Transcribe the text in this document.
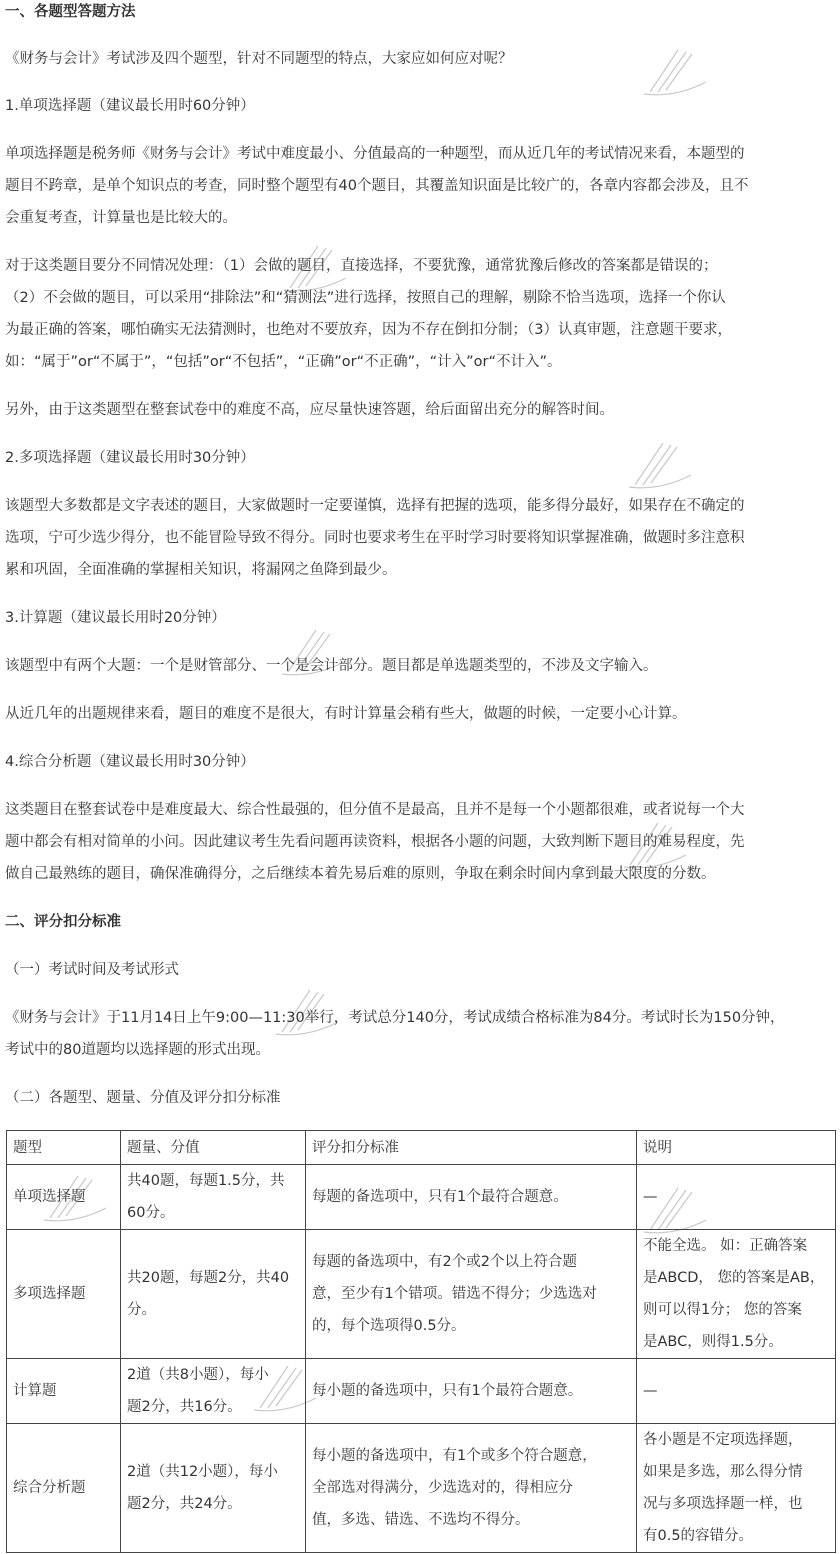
一、各题型答题方法

《财务与会计》考试涉及四个题型，针对不同题型的特点，大家应如何应对呢？

1.单项选择题（建议最长用时60分钟）

单项选择题是税务师《财务与会计》考试中难度最小、分值最高的一种题型，而从近几年的考试情况来看，本题型的

题目不跨章，是单个知识点的考查，同时整个题型有40个题目，其覆盖知识面是比较广的，各章内容都会涉及，且不

会重复考查，计算量也是比较大的。

对于这类题目要分不同情况处理：（1）会做的题目，直接选择，不要犹豫，通常犹豫后修改的答案都是错误的；

（2）不会做的题目，可以采用“排除法”和“猜测法”进行选择，按照自己的理解，剔除不恰当选项，选择一个你认

为最正确的答案，哪怕确实无法猜测时，也绝对不要放弃，因为不存在倒扣分制；（3）认真审题，注意题干要求，

如：“属于”or“不属于”，“包括”or“不包括”，“正确”or“不正确”，“计入”or“不计入”。

另外，由于这类题型在整套试卷中的难度不高，应尽量快速答题，给后面留出充分的解答时间。

2.多项选择题（建议最长用时30分钟）

该题型大多数都是文字表述的题目，大家做题时一定要谨慎，选择有把握的选项，能多得分最好，如果存在不确定的

选项，宁可少选少得分，也不能冒险导致不得分。同时也要求考生在平时学习时要将知识掌握准确，做题时多注意积

累和巩固，全面准确的掌握相关知识，将漏网之鱼降到最少。

3.计算题（建议最长用时20分钟）

该题型中有两个大题：一个是财管部分、一个是会计部分。题目都是单选题类型的，不涉及文字输入。

从近几年的出题规律来看，题目的难度不是很大，有时计算量会稍有些大，做题的时候，一定要小心计算。

4.综合分析题（建议最长用时30分钟）

这类题目在整套试卷中是难度最大、综合性最强的，但分值不是最高，且并不是每一个小题都很难，或者说每一个大

题中都会有相对简单的小问。因此建议考生先看问题再读资料，根据各小题的问题，大致判断下题目的难易程度，先

做自己最熟练的题目，确保准确得分，之后继续本着先易后难的原则，争取在剩余时间内拿到最大限度的分数。

二、评分扣分标准

（一）考试时间及考试形式

《财务与会计》于11月14日上午9:00—11:30举行，考试总分140分，考试成绩合格标准为84分。考试时长为150分钟，

考试中的80道题均以选择题的形式出现。

（二）各题型、题量、分值及评分扣分标准

题型	题量、分值	评分扣分标准	说明
单项选择题	共40题，每题1.5分，共
60分。	每题的备选项中，只有1个最符合题意。	—

多项选择题	共20题，每题2分，共40
分。	每题的备选项中，有2个或2个以上符合题
意，至少有1个错项。错选不得分；少选选对
的，每个选项得0.5分。	不能全选。 如：正确答案
是ABCD， 您的答案是AB，
则可以得1分； 您的答案
是ABC，则得1.5分。

计算题	2道（共8小题），每小
题2分，共16分。	每小题的备选项中，只有1个最符合题意。	—

综合分析题	2道（共12小题），每小
题2分，共24分。	每小题的备选项中，有1个或多个符合题意，
全部选对得满分，少选选对的，得相应分
值，多选、错选、不选均不得分。	各小题是不定项选择题，
如果是多选，那么得分情
况与多项选择题一样，也
有0.5的容错分。
